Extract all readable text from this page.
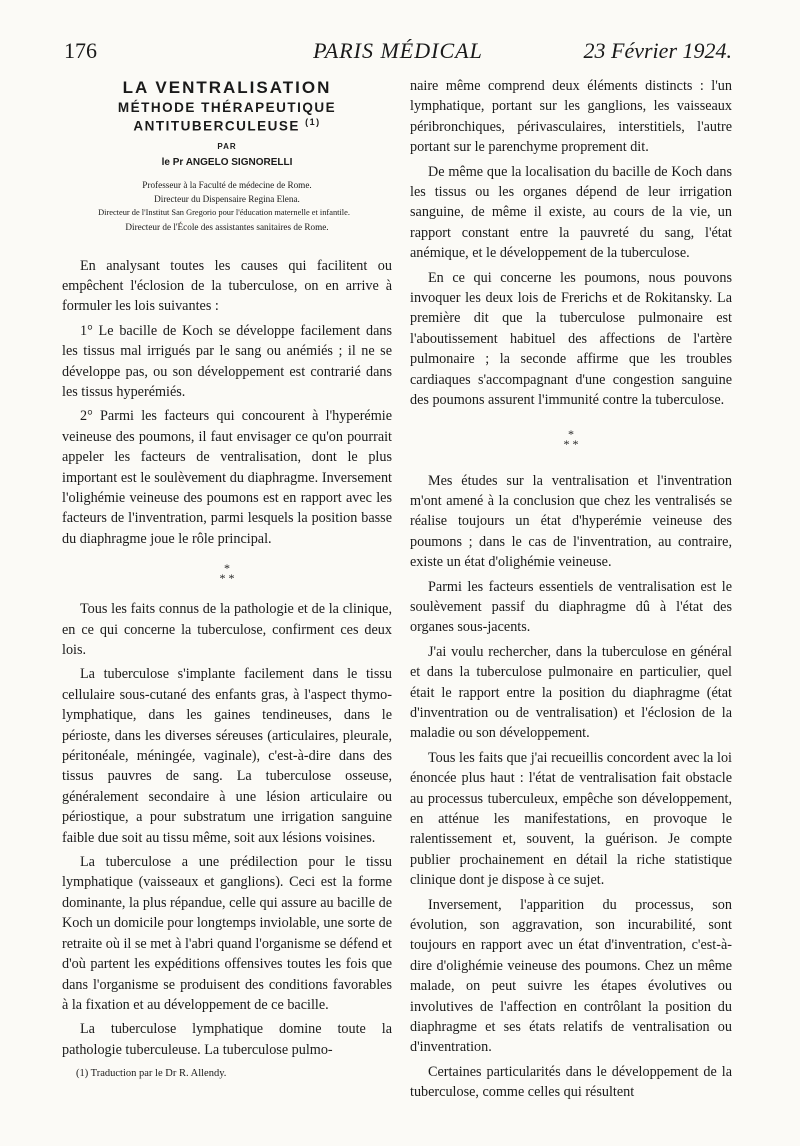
176	PARIS MÉDICAL	23 Février 1924.
LA VENTRALISATION
MÉTHODE THÉRAPEUTIQUE
ANTITUBERCULEUSE $^{(1)}$
PAR
le Pr ANGELO SIGNORELLI

Professeur à la Faculté de médecine de Rome.

Directeur du Dispensaire Regina Elena.

Directeur de l'Institut San Gregorio pour l'éducation maternelle et infantile.

Directeur de l'École des assistantes sanitaires de Rome.

En analysant toutes les causes qui facilitent ou empêchent l'éclosion de la tuberculose, on en arrive à formuler les lois suivantes :

1° Le bacille de Koch se développe facilement dans les tissus mal irrigués par le sang ou anémiés ; il ne se développe pas, ou son développement est contrarié dans les tissus hyperémiés.

2° Parmi les facteurs qui concourent à l'hyperémie veineuse des poumons, il faut envisager ce qu'on pourrait appeler les facteurs de ventralisation, dont le plus important est le soulèvement du diaphragme. Inversement l'olighémie veineuse des poumons est en rapport avec les facteurs de l'inventration, parmi lesquels la position basse du diaphragme joue le rôle principal.

*
* *

Tous les faits connus de la pathologie et de la clinique, en ce qui concerne la tuberculose, confirment ces deux lois.

La tuberculose s'implante facilement dans le tissu cellulaire sous-cutané des enfants gras, à l'aspect thymo-lymphatique, dans les gaines tendineuses, dans le périoste, dans les diverses séreuses (articulaires, pleurale, péritonéale, méningée, vaginale), c'est-à-dire dans des tissus pauvres de sang. La tuberculose osseuse, généralement secondaire à une lésion articulaire ou périostique, a pour substratum une irrigation sanguine faible due soit au tissu même, soit aux lésions voisines.

La tuberculose a une prédilection pour le tissu lymphatique (vaisseaux et ganglions). Ceci est la forme dominante, la plus répandue, celle qui assure au bacille de Koch un domicile pour longtemps inviolable, une sorte de retraite où il se met à l'abri quand l'organisme se défend et d'où partent les expéditions offensives toutes les fois que dans l'organisme se produisent des conditions favorables à la fixation et au développement de ce bacille.

La tuberculose lymphatique domine toute la pathologie tuberculeuse. La tuberculose pulmo-

(1) Traduction par le Dr R. Allendy.

naire même comprend deux éléments distincts : l'un lymphatique, portant sur les ganglions, les vaisseaux péribronchiques, périvasculaires, interstitiels, l'autre portant sur le parenchyme proprement dit.

De même que la localisation du bacille de Koch dans les tissus ou les organes dépend de leur irrigation sanguine, de même il existe, au cours de la vie, un rapport constant entre la pauvreté du sang, l'état anémique, et le développement de la tuberculose.

En ce qui concerne les poumons, nous pouvons invoquer les deux lois de Frerichs et de Rokitansky. La première dit que la tuberculose pulmonaire est l'aboutissement habituel des affections de l'artère pulmonaire ; la seconde affirme que les troubles cardiaques s'accompagnant d'une congestion sanguine des poumons assurent l'immunité contre la tuberculose.

*
* *

Mes études sur la ventralisation et l'inventration m'ont amené à la conclusion que chez les ventralisés se réalise toujours un état d'hyperémie veineuse des poumons ; dans le cas de l'inventration, au contraire, existe un état d'olighémie veineuse.

Parmi les facteurs essentiels de ventralisation est le soulèvement passif du diaphragme dû à l'état des organes sous-jacents.

J'ai voulu rechercher, dans la tuberculose en général et dans la tuberculose pulmonaire en particulier, quel était le rapport entre la position du diaphragme (état d'inventration ou de ventralisation) et l'éclosion de la maladie ou son développement.

Tous les faits que j'ai recueillis concordent avec la loi énoncée plus haut : l'état de ventralisation fait obstacle au processus tuberculeux, empêche son développement, en atténue les manifestations, en provoque le ralentissement et, souvent, la guérison. Je compte publier prochainement en détail la riche statistique clinique dont je dispose à ce sujet.

Inversement, l'apparition du processus, son évolution, son aggravation, son incurabilité, sont toujours en rapport avec un état d'inventration, c'est-à-dire d'olighémie veineuse des poumons. Chez un même malade, on peut suivre les étapes évolutives ou involutives de l'affection en contrôlant la position du diaphragme et ses états relatifs de ventralisation ou d'inventration.

Certaines particularités dans le développement de la tuberculose, comme celles qui résultent
